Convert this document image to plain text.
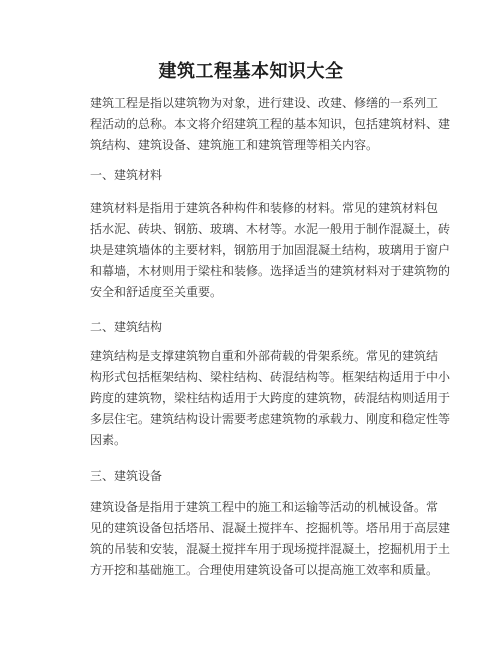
建筑工程基本知识大全
建筑工程是指以建筑物为对象，进行建设、改建、修缮的一系列工
程活动的总称。本文将介绍建筑工程的基本知识，包括建筑材料、建
筑结构、建筑设备、建筑施工和建筑管理等相关内容。
一、建筑材料
建筑材料是指用于建筑各种构件和装修的材料。常见的建筑材料包
括水泥、砖块、钢筋、玻璃、木材等。水泥一般用于制作混凝土，砖
块是建筑墙体的主要材料，钢筋用于加固混凝土结构，玻璃用于窗户
和幕墙，木材则用于梁柱和装修。选择适当的建筑材料对于建筑物的
安全和舒适度至关重要。
二、建筑结构
建筑结构是支撑建筑物自重和外部荷载的骨架系统。常见的建筑结
构形式包括框架结构、梁柱结构、砖混结构等。框架结构适用于中小
跨度的建筑物，梁柱结构适用于大跨度的建筑物，砖混结构则适用于
多层住宅。建筑结构设计需要考虑建筑物的承载力、刚度和稳定性等
因素。
三、建筑设备
建筑设备是指用于建筑工程中的施工和运输等活动的机械设备。常
见的建筑设备包括塔吊、混凝土搅拌车、挖掘机等。塔吊用于高层建
筑的吊装和安装，混凝土搅拌车用于现场搅拌混凝土，挖掘机用于土
方开挖和基础施工。合理使用建筑设备可以提高施工效率和质量。
